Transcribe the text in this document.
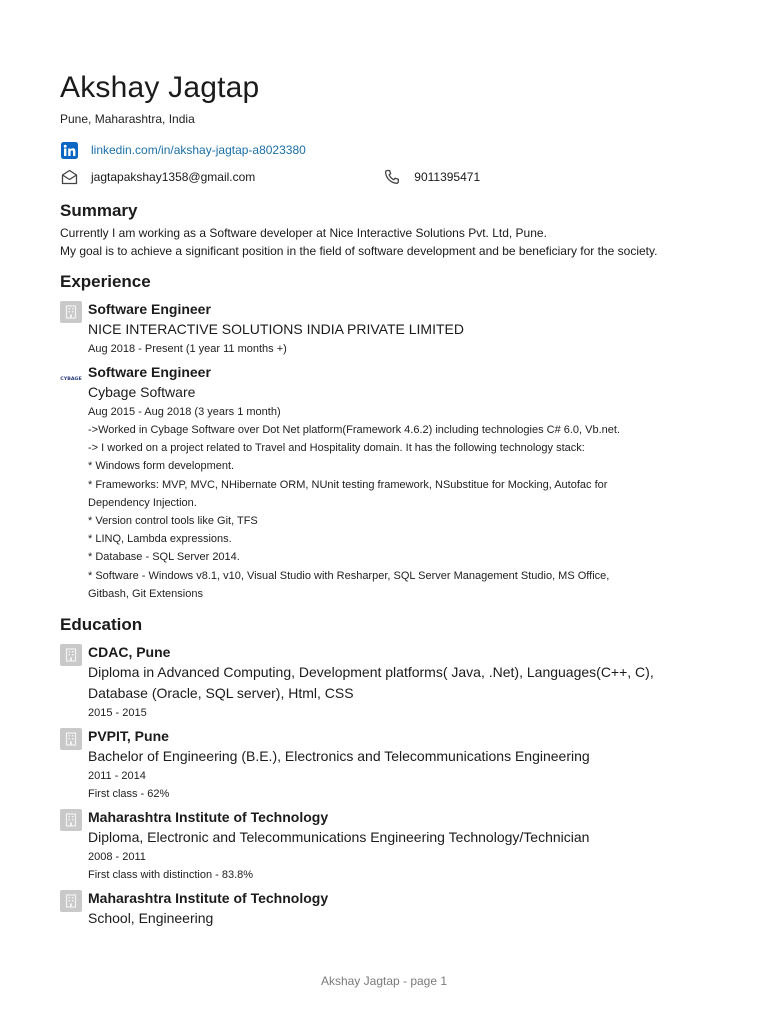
Akshay Jagtap
Pune, Maharashtra, India
linkedin.com/in/akshay-jagtap-a8023380
jagtapakshay1358@gmail.com	9011395471
Summary
Currently I am working as a Software developer at Nice Interactive Solutions Pvt. Ltd, Pune.
My goal is to achieve a significant position in the field of software development and be beneficiary for the society.
Experience
Software Engineer
NICE INTERACTIVE SOLUTIONS INDIA PRIVATE LIMITED
Aug 2018 - Present (1 year 11 months +)
CYBAGE Software Engineer
Cybage Software
Aug 2015 - Aug 2018 (3 years 1 month)
->Worked in Cybage Software over Dot Net platform(Framework 4.6.2) including technologies C# 6.0, Vb.net.
-> I worked on a project related to Travel and Hospitality domain. It has the following technology stack:
* Windows form development.
* Frameworks: MVP, MVC, NHibernate ORM, NUnit testing framework, NSubstitue for Mocking, Autofac for
Dependency Injection.
* Version control tools like Git, TFS
* LINQ, Lambda expressions.
* Database - SQL Server 2014.
* Software - Windows v8.1, v10, Visual Studio with Resharper, SQL Server Management Studio, MS Office,
Gitbash, Git Extensions
Education
CDAC, Pune
Diploma in Advanced Computing, Development platforms( Java, .Net), Languages(C++, C),
Database (Oracle, SQL server), Html, CSS
2015 - 2015
PVPIT, Pune
Bachelor of Engineering (B.E.), Electronics and Telecommunications Engineering
2011 - 2014
First class - 62%
Maharashtra Institute of Technology
Diploma, Electronic and Telecommunications Engineering Technology/Technician
2008 - 2011
First class with distinction - 83.8%
Maharashtra Institute of Technology
School, Engineering
Akshay Jagtap - page 1
